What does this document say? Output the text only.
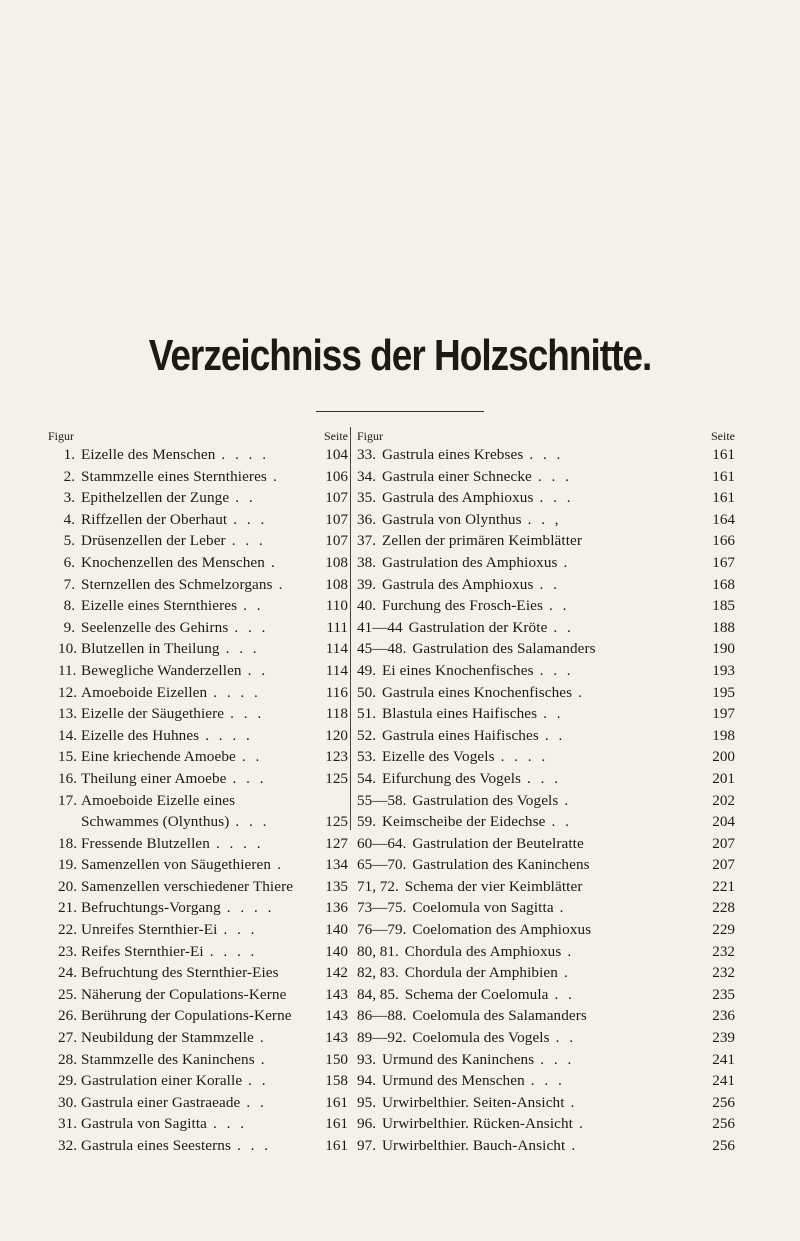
Verzeichniss der Holzschnitte.
Figur	Seite
1. Eizelle des Menschen . . . .	104
2. Stammzelle eines Sternthieres .	106
3. Epithelzellen der Zunge . .	107
4. Riffzellen der Oberhaut . . .	107
5. Drüsenzellen der Leber . . .	107
6. Knochenzellen des Menschen .	108
7. Sternzellen des Schmelzorgans .	108
8. Eizelle eines Sternthieres . .	110
9. Seelenzelle des Gehirns . . .	111
10. Blutzellen in Theilung . . .	114
11. Bewegliche Wanderzellen . .	114
12. Amoeboide Eizellen . . . .	116
13. Eizelle der Säugethiere . . .	118
14. Eizelle des Huhnes . . . .	120
15. Eine kriechende Amoebe . .	123
16. Theilung einer Amoebe . . .	125
17. Amoeboide Eizelle eines
Schwammes (Olynthus) . . .	125
18. Fressende Blutzellen . . . .	127
19. Samenzellen von Säugethieren .	134
20. Samenzellen verschiedener Thiere	135
21. Befruchtungs-Vorgang . . . .	136
22. Unreifes Sternthier-Ei . . .	140
23. Reifes Sternthier-Ei . . . .	140
24. Befruchtung des Sternthier-Eies	142
25. Näherung der Copulations-Kerne	143
26. Berührung der Copulations-Kerne	143
27. Neubildung der Stammzelle .	143
28. Stammzelle des Kaninchens .	150
29. Gastrulation einer Koralle . .	158
30. Gastrula einer Gastraeade . .	161
31. Gastrula von Sagitta . . .	161
32. Gastrula eines Seesterns . . .	161
Figur	Seite
33. Gastrula eines Krebses . . .	161
34. Gastrula einer Schnecke . . .	161
35. Gastrula des Amphioxus . . .	161
36. Gastrula von Olynthus . . ,	164
37. Zellen der primären Keimblätter	166
38. Gastrulation des Amphioxus .	167
39. Gastrula des Amphioxus . .	168
40. Furchung des Frosch-Eies . .	185
41—44 Gastrulation der Kröte . .	188
45—48. Gastrulation des Salamanders	190
49. Ei eines Knochenfisches . . .	193
50. Gastrula eines Knochenfisches .	195
51. Blastula eines Haifisches . .	197
52. Gastrula eines Haifisches . .	198
53. Eizelle des Vogels . . . .	200
54. Eifurchung des Vogels . . .	201
55—58. Gastrulation des Vogels .	202
59. Keimscheibe der Eidechse . .	204
60—64. Gastrulation der Beutelratte	207
65—70. Gastrulation des Kaninchens	207
71, 72. Schema der vier Keimblätter	221
73—75. Coelomula von Sagitta .	228
76—79. Coelomation des Amphioxus	229
80, 81. Chordula des Amphioxus .	232
82, 83. Chordula der Amphibien .	232
84, 85. Schema der Coelomula . .	235
86—88. Coelomula des Salamanders	236
89—92. Coelomula des Vogels . .	239
93. Urmund des Kaninchens . . .	241
94. Urmund des Menschen . . .	241
95. Urwirbelthier. Seiten-Ansicht .	256
96. Urwirbelthier. Rücken-Ansicht .	256
97. Urwirbelthier. Bauch-Ansicht .	256
